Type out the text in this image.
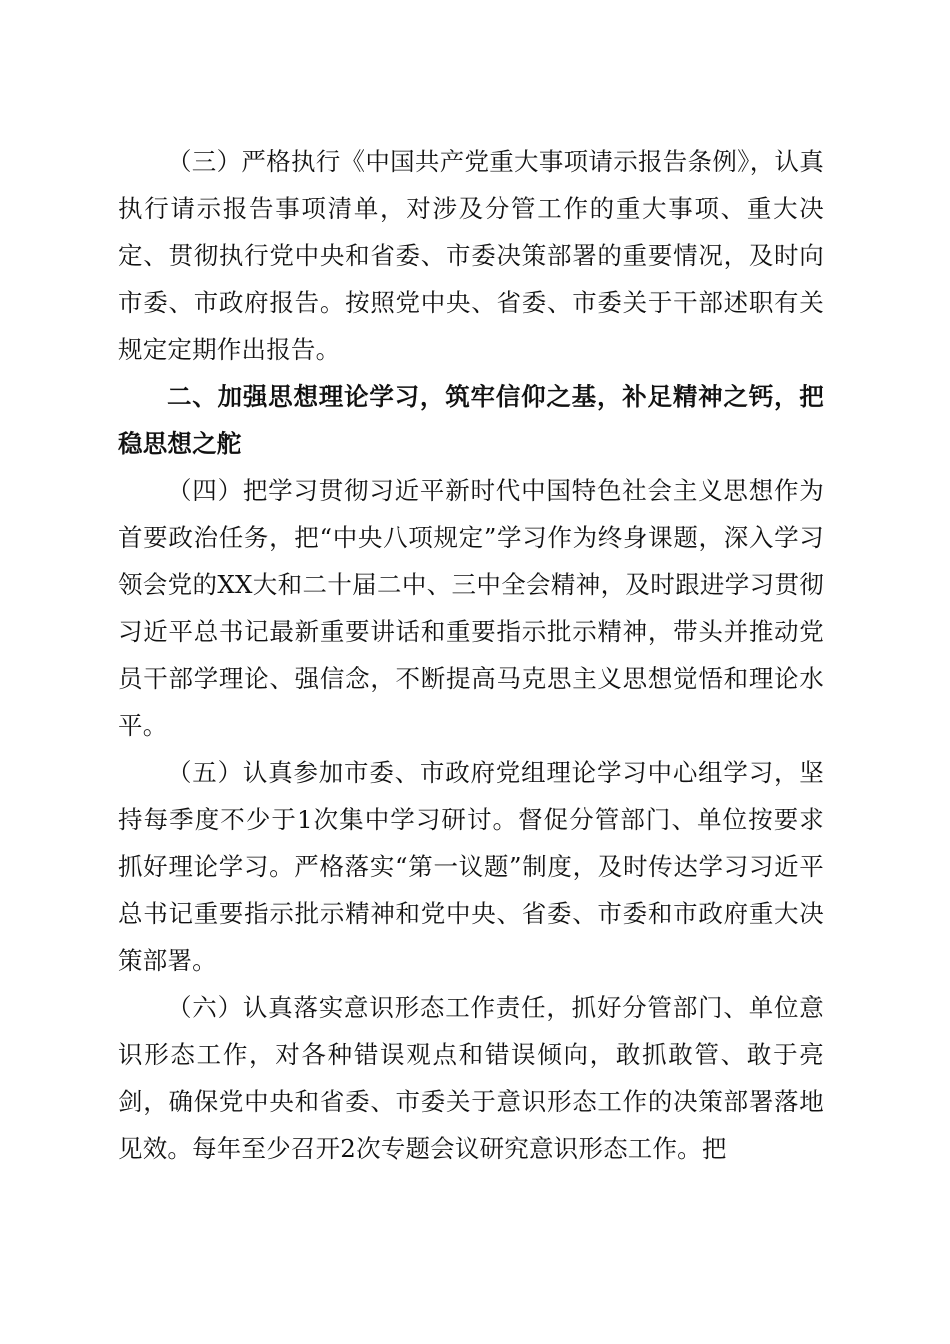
（三）严格执行《中国共产党重大事项请示报告条例》，认真执行请示报告事项清单，对涉及分管工作的重大事项、重大决定、贯彻执行党中央和省委、市委决策部署的重要情况，及时向市委、市政府报告。按照党中央、省委、市委关于干部述职有关规定定期作出报告。

二、加强思想理论学习，筑牢信仰之基，补足精神之钙，把稳思想之舵

（四）把学习贯彻习近平新时代中国特色社会主义思想作为首要政治任务，把“中央八项规定”学习作为终身课题，深入学习领会党的XX大和二十届二中、三中全会精神，及时跟进学习贯彻习近平总书记最新重要讲话和重要指示批示精神，带头并推动党员干部学理论、强信念，不断提高马克思主义思想觉悟和理论水平。

（五）认真参加市委、市政府党组理论学习中心组学习，坚持每季度不少于1次集中学习研讨。督促分管部门、单位按要求抓好理论学习。严格落实“第一议题”制度，及时传达学习习近平总书记重要指示批示精神和党中央、省委、市委和市政府重大决策部署。

（六）认真落实意识形态工作责任，抓好分管部门、单位意识形态工作，对各种错误观点和错误倾向，敢抓敢管、敢于亮剑，确保党中央和省委、市委关于意识形态工作的决策部署落地见效。每年至少召开2次专题会议研究意识形态工作。把
